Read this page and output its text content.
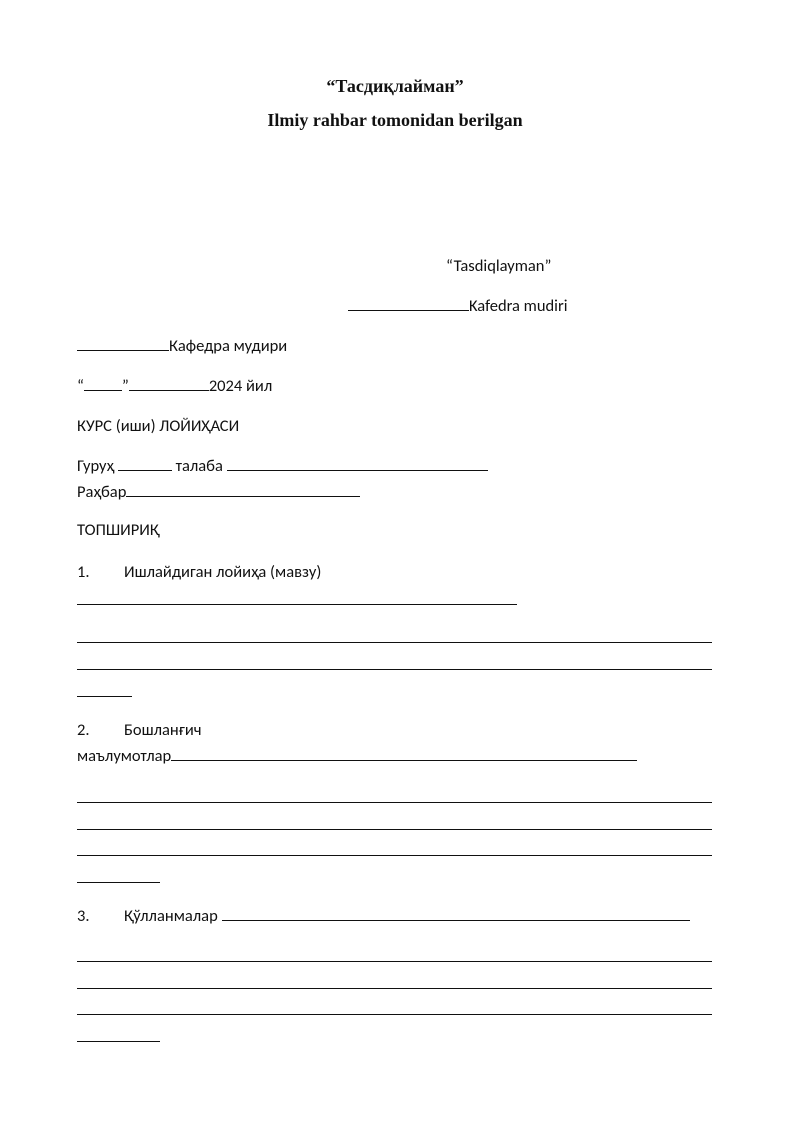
“Тасдиқлайман”
Ilmiy rahbar tomonidan berilgan
“Tasdiqlayman”
Kafedra mudiri
Кафедра мудири
“ ”	2024 йил
КУРС (иши) ЛОЙИҲАСИ
Гуруҳ	талаба
Раҳбар
ТОПШИРИҚ
1. Ишлайдиган лойиҳа (мавзу)
2. Бошланғич
маълумотлар
3. Қўлланмалар
